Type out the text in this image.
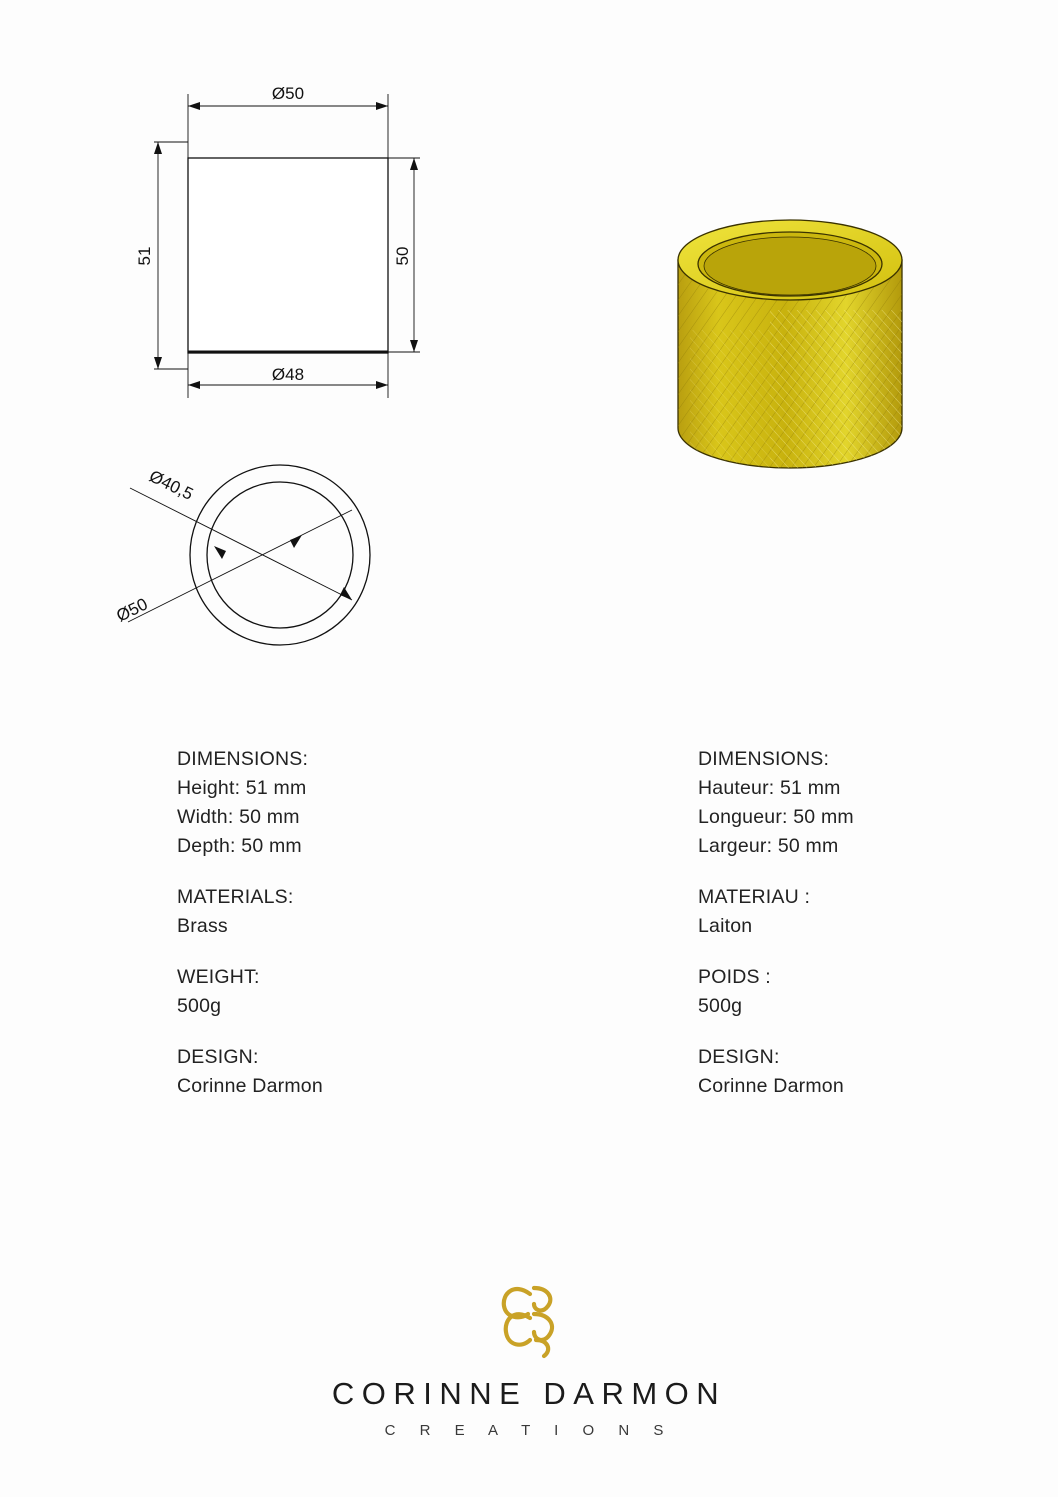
Ø50
Ø48
51	50
Ø40,5
Ø50
DIMENSIONS:
Height: 51 mm
Width: 50 mm
Depth: 50 mm
MATERIALS:
Brass
WEIGHT:
500g
DESIGN:
Corinne Darmon
DIMENSIONS:
Hauteur: 51 mm
Longueur: 50 mm
Largeur: 50 mm
MATERIAU :
Laiton
POIDS :
500g
DESIGN:
Corinne Darmon
CORINNE DARMON
C R E A T I O N S
